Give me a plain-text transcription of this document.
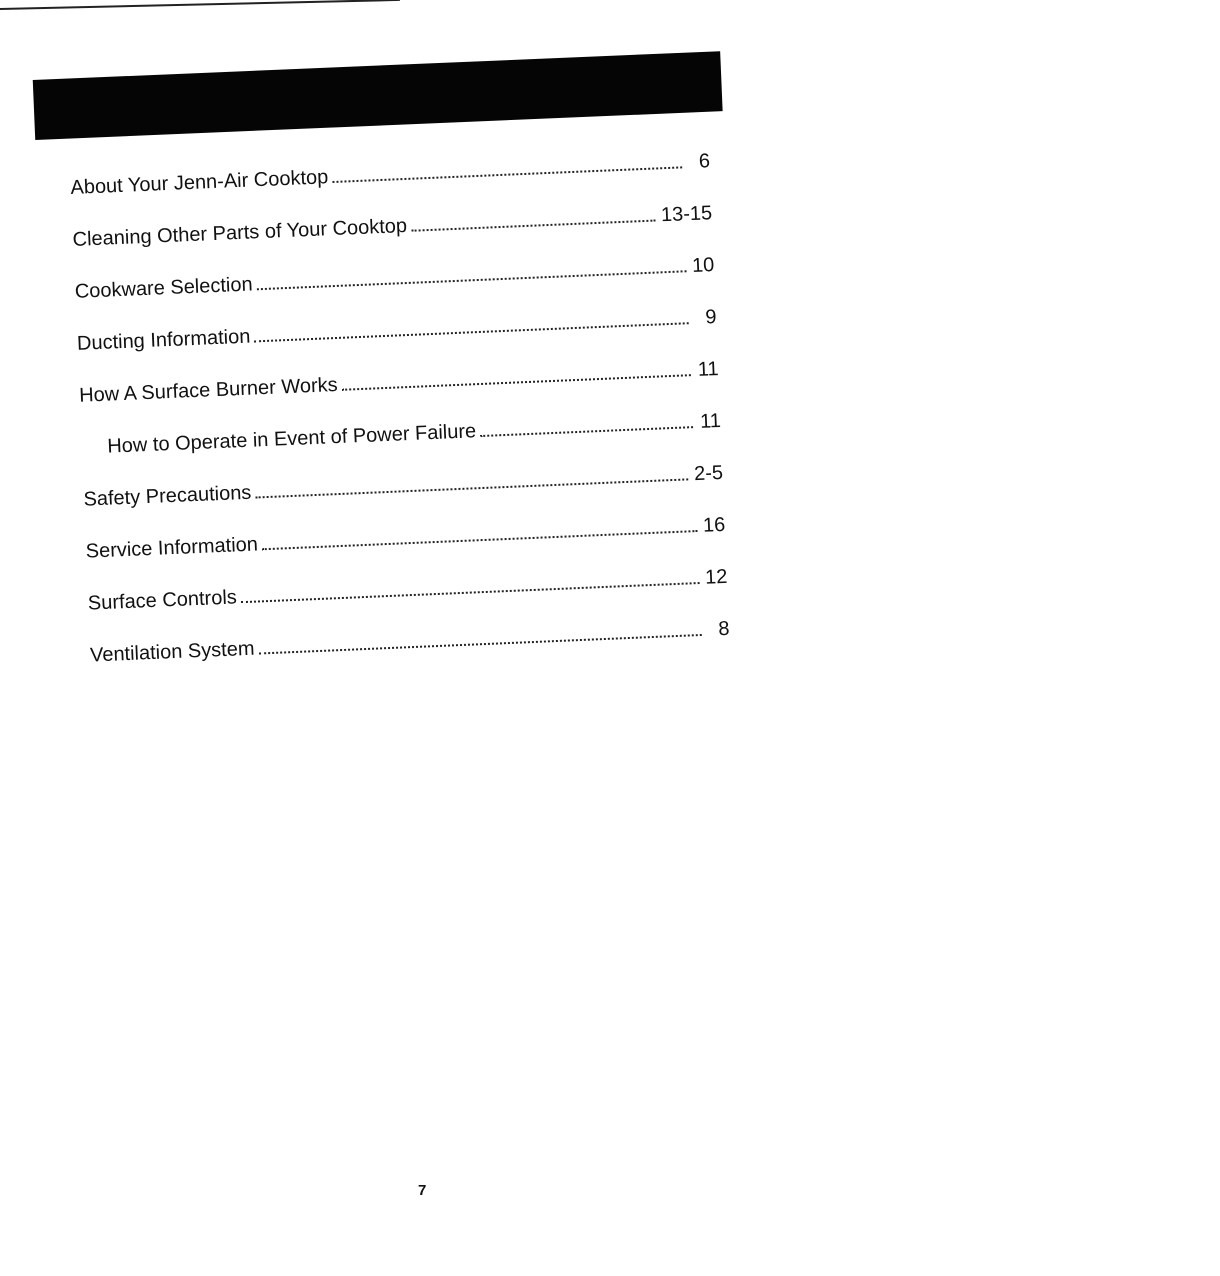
About Your Jenn-Air Cooktop
6
Cleaning Other Parts of Your Cooktop
13-15
Cookware Selection
10
Ducting Information
9
How A Surface Burner Works
11
How to Operate in Event of Power Failure	11
Safety Precautions
2-5
Service Information
16
Surface Controls
12
Ventilation System
8
7
